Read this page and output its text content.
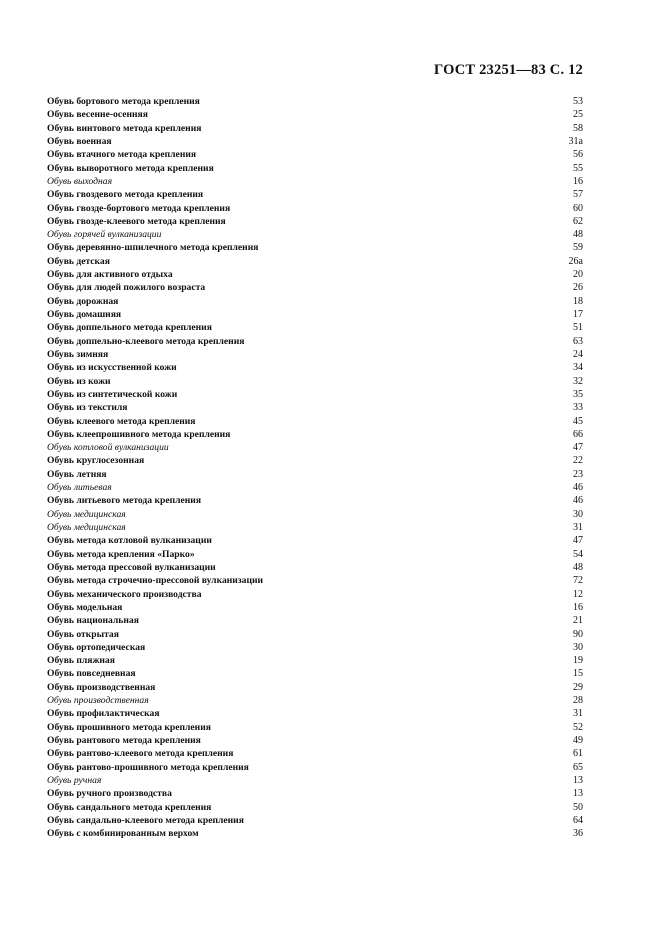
ГОСТ 23251—83 С. 12
Обувь бортового метода крепления	53
Обувь весенне-осенняя	25
Обувь винтового метода крепления	58
Обувь военная	31а
Обувь втачного метода крепления	56
Обувь выворотного метода крепления	55
Обувь выходная	16
Обувь гвоздевого метода крепления	57
Обувь гвоздe-бортового метода крепления	60
Обувь гвоздe-клеевого метода крепления	62
Обувь горячей вулканизации	48
Обувь деревянно-шпилечного метода крепления	59
Обувь детская	26а
Обувь для активного отдыха	20
Обувь для людей пожилого возраста	26
Обувь дорожная	18
Обувь домашняя	17
Обувь доппельного метода крепления	51
Обувь доппельно-клеевого метода крепления	63
Обувь зимняя	24
Обувь из искусственной кожи	34
Обувь из кожи	32
Обувь из синтетической кожи	35
Обувь из текстиля	33
Обувь клеевого метода крепления	45
Обувь клеепрошивного метода крепления	66
Обувь котловой вулканизации	47
Обувь круглосезонная	22
Обувь летняя	23
Обувь литьевая	46
Обувь литьевого метода крепления	46
Обувь медицинская	30
Обувь медицинская	31
Обувь метода котловой вулканизации	47
Обувь метода крепления «Парко»	54
Обувь метода прессовой вулканизации	48
Обувь метода строчечно-прессовой вулканизации	72
Обувь механического производства	12
Обувь модельная	16
Обувь национальная	21
Обувь открытая	90
Обувь ортопедическая	30
Обувь пляжная	19
Обувь повседневная	15
Обувь производственная	29
Обувь производственная	28
Обувь профилактическая	31
Обувь прошивного метода крепления	52
Обувь рантового метода крепления	49
Обувь рантово-клеевого метода крепления	61
Обувь рантово-прошивного метода крепления	65
Обувь ручная	13
Обувь ручного производства	13
Обувь сандального метода крепления	50
Обувь сандально-клеевого метода крепления	64
Обувь с комбинированным верхом	36
